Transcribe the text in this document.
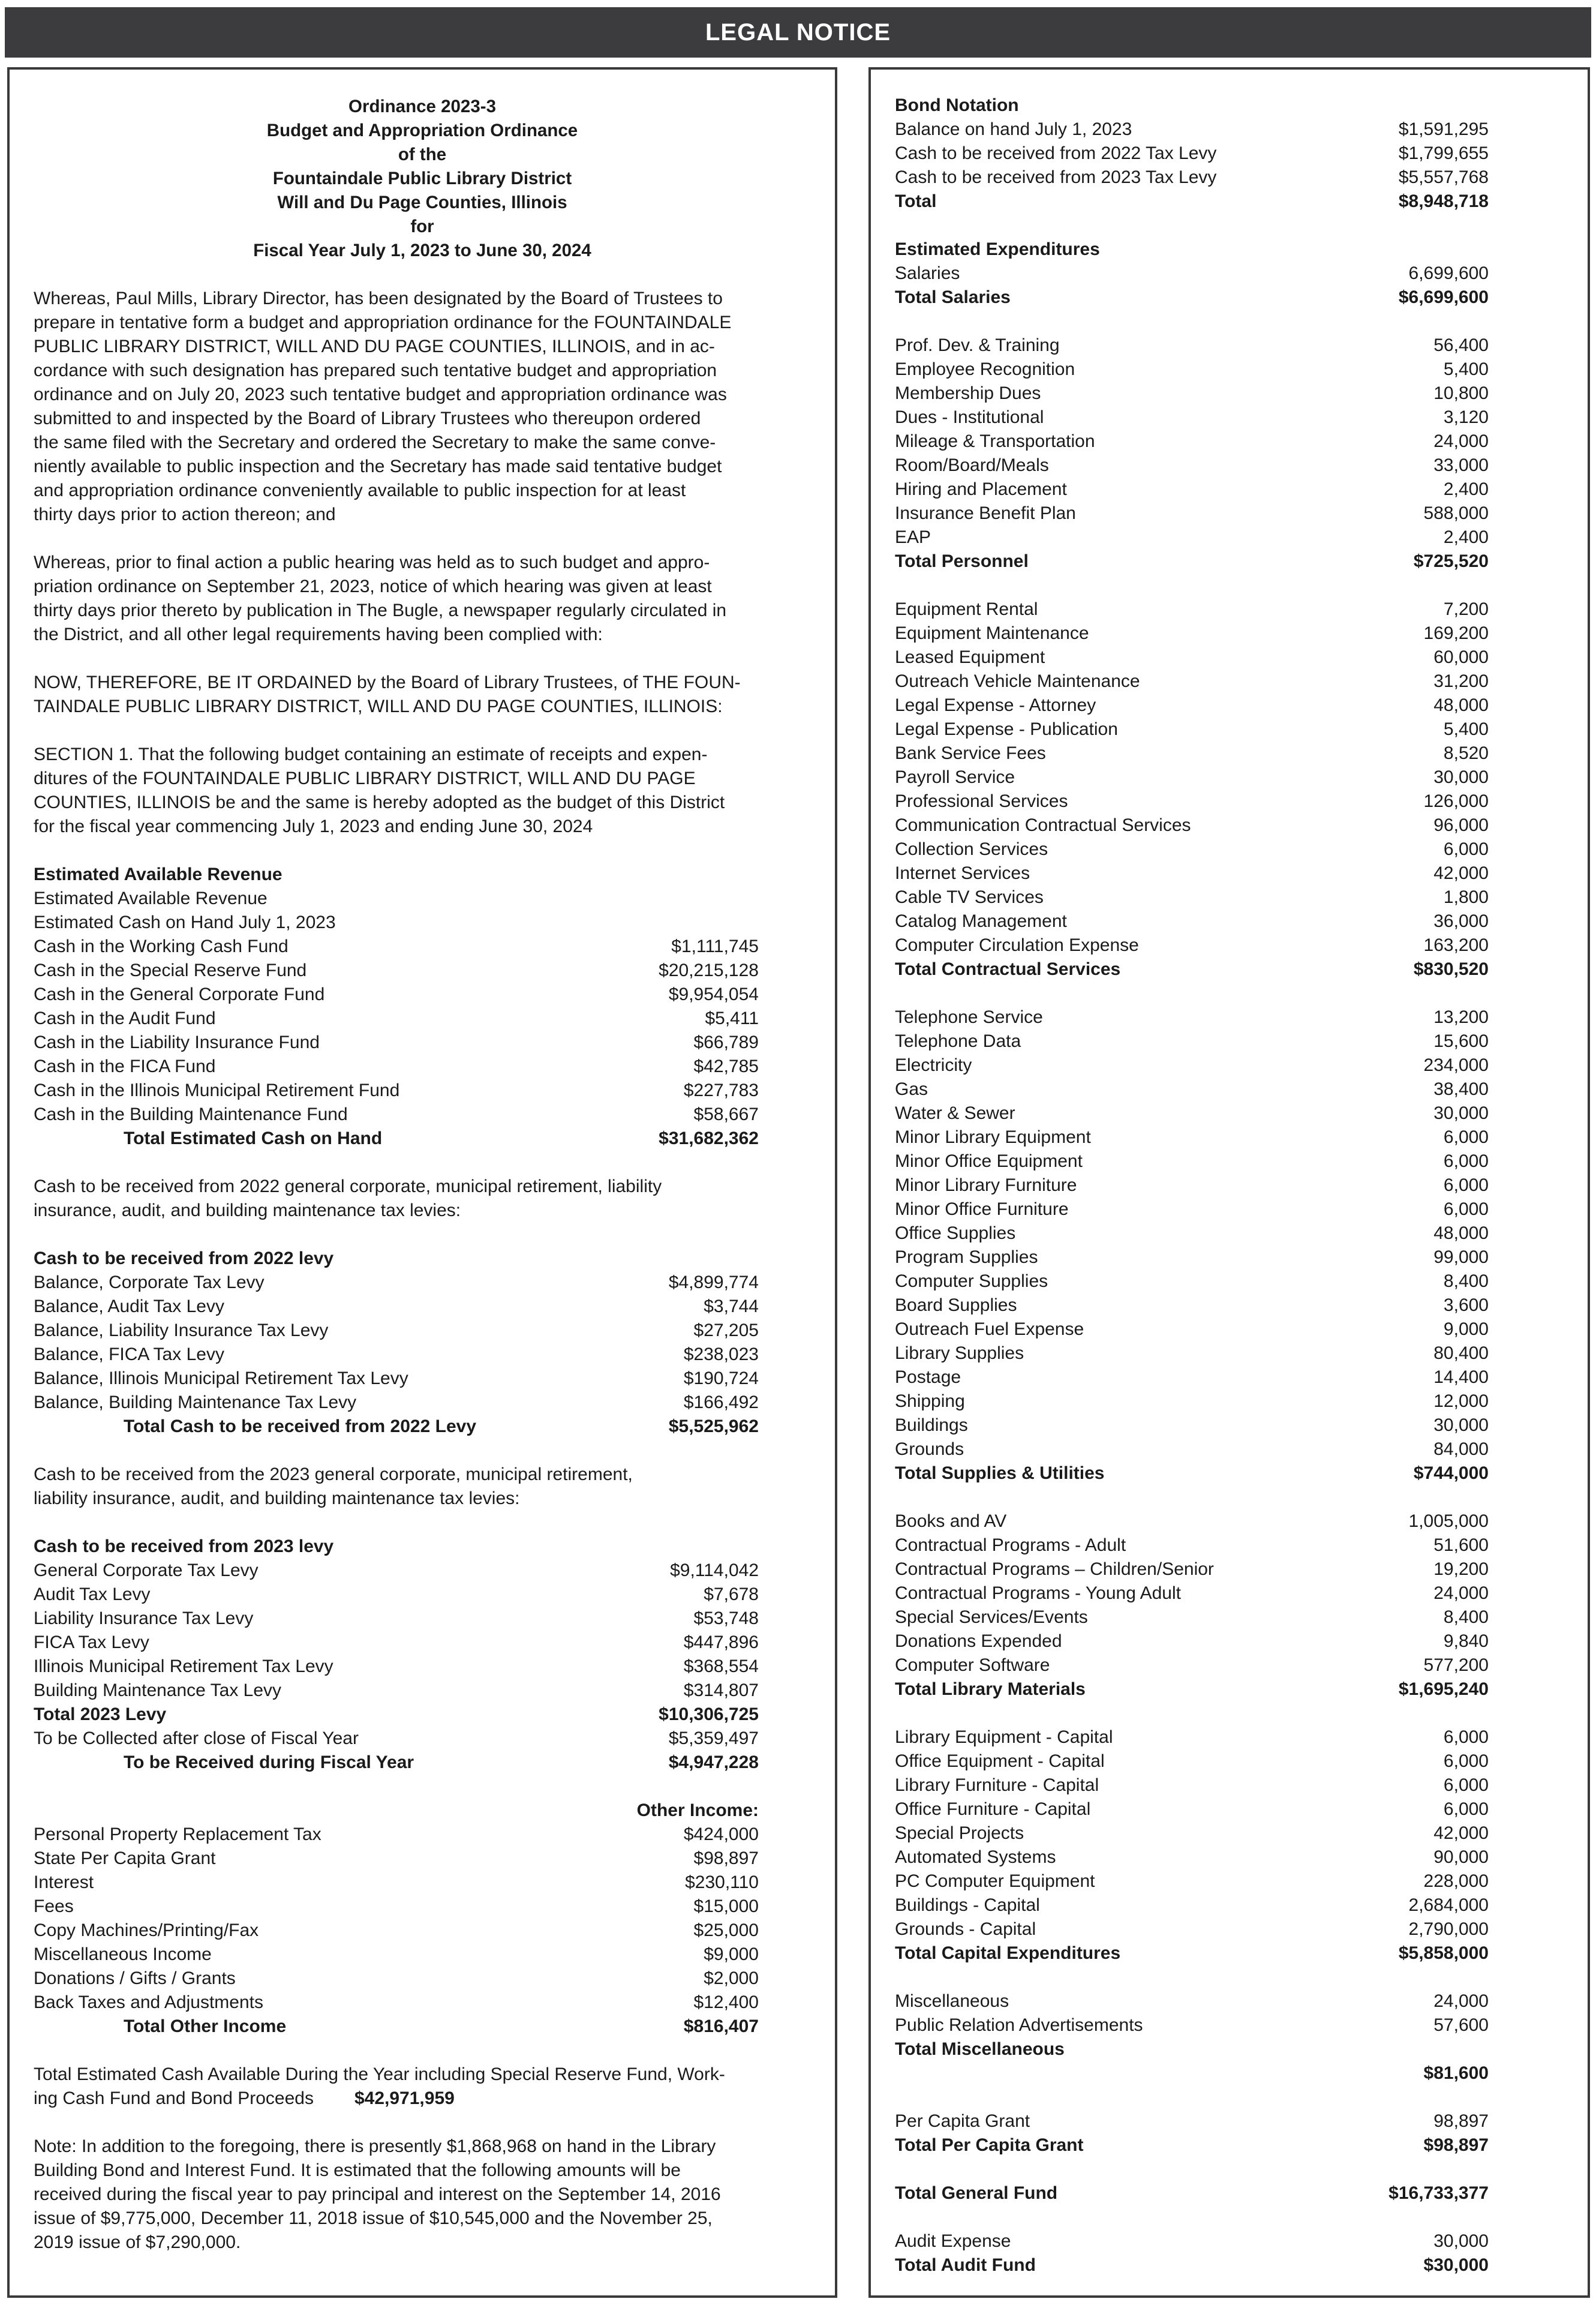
LEGAL NOTICE
Ordinance 2023-3
Budget and Appropriation Ordinance
of the
Fountaindale Public Library District
Will and Du Page Counties, Illinois
for
Fiscal Year July 1, 2023 to June 30, 2024
Whereas, Paul Mills, Library Director, has been designated by the Board of Trustees to
prepare in tentative form a budget and appropriation ordinance for the FOUNTAINDALE
PUBLIC LIBRARY DISTRICT, WILL AND DU PAGE COUNTIES, ILLINOIS, and in ac-
cordance with such designation has prepared such tentative budget and appropriation
ordinance and on July 20, 2023 such tentative budget and appropriation ordinance was
submitted to and inspected by the Board of Library Trustees who thereupon ordered
the same filed with the Secretary and ordered the Secretary to make the same conve-
niently available to public inspection and the Secretary has made said tentative budget
and appropriation ordinance conveniently available to public inspection for at least
thirty days prior to action thereon; and
Whereas, prior to final action a public hearing was held as to such budget and appro-
priation ordinance on September 21, 2023, notice of which hearing was given at least
thirty days prior thereto by publication in The Bugle, a newspaper regularly circulated in
the District, and all other legal requirements having been complied with:
NOW, THEREFORE, BE IT ORDAINED by the Board of Library Trustees, of THE FOUN-
TAINDALE PUBLIC LIBRARY DISTRICT, WILL AND DU PAGE COUNTIES, ILLINOIS:
SECTION 1. That the following budget containing an estimate of receipts and expen-
ditures of the FOUNTAINDALE PUBLIC LIBRARY DISTRICT, WILL AND DU PAGE
COUNTIES, ILLINOIS be and the same is hereby adopted as the budget of this District
for the fiscal year commencing July 1, 2023 and ending June 30, 2024
Estimated Available Revenue
Estimated Available Revenue
Estimated Cash on Hand July 1, 2023
Cash in the Working Cash Fund	$1,111,745
Cash in the Special Reserve Fund	$20,215,128
Cash in the General Corporate Fund	$9,954,054
Cash in the Audit Fund	$5,411
Cash in the Liability Insurance Fund	$66,789
Cash in the FICA Fund	$42,785
Cash in the Illinois Municipal Retirement Fund	$227,783
Cash in the Building Maintenance Fund	$58,667
Total Estimated Cash on Hand	$31,682,362
Cash to be received from 2022 general corporate, municipal retirement, liability
insurance, audit, and building maintenance tax levies:
Cash to be received from 2022 levy
Balance, Corporate Tax Levy	$4,899,774
Balance, Audit Tax Levy	$3,744
Balance, Liability Insurance Tax Levy	$27,205
Balance, FICA Tax Levy	$238,023
Balance, Illinois Municipal Retirement Tax Levy	$190,724
Balance, Building Maintenance Tax Levy	$166,492
Total Cash to be received from 2022 Levy	$5,525,962
Cash to be received from the 2023 general corporate, municipal retirement,
liability insurance, audit, and building maintenance tax levies:
Cash to be received from 2023 levy
General Corporate Tax Levy	$9,114,042
Audit Tax Levy	$7,678
Liability Insurance Tax Levy	$53,748
FICA Tax Levy	$447,896
Illinois Municipal Retirement Tax Levy	$368,554
Building Maintenance Tax Levy	$314,807
Total 2023 Levy	$10,306,725
To be Collected after close of Fiscal Year	$5,359,497
To be Received during Fiscal Year	$4,947,228
Other Income:
Personal Property Replacement Tax	$424,000
State Per Capita Grant	$98,897
Interest	$230,110
Fees	$15,000
Copy Machines/Printing/Fax	$25,000
Miscellaneous Income	$9,000
Donations / Gifts / Grants	$2,000
Back Taxes and Adjustments	$12,400
Total Other Income	$816,407
Total Estimated Cash Available During the Year including Special Reserve Fund, Work-
ing Cash Fund and Bond Proceeds $42,971,959
Note: In addition to the foregoing, there is presently $1,868,968 on hand in the Library
Building Bond and Interest Fund. It is estimated that the following amounts will be
received during the fiscal year to pay principal and interest on the September 14, 2016
issue of $9,775,000, December 11, 2018 issue of $10,545,000 and the November 25,
2019 issue of $7,290,000.
Bond Notation
Balance on hand July 1, 2023	$1,591,295
Cash to be received from 2022 Tax Levy	$1,799,655
Cash to be received from 2023 Tax Levy	$5,557,768
Total	$8,948,718
Estimated Expenditures
Salaries	6,699,600
Total Salaries	$6,699,600
Prof. Dev. & Training	56,400
Employee Recognition	5,400
Membership Dues	10,800
Dues - Institutional	3,120
Mileage & Transportation	24,000
Room/Board/Meals	33,000
Hiring and Placement	2,400
Insurance Benefit Plan	588,000
EAP	2,400
Total Personnel	$725,520
Equipment Rental	7,200
Equipment Maintenance	169,200
Leased Equipment	60,000
Outreach Vehicle Maintenance	31,200
Legal Expense - Attorney	48,000
Legal Expense - Publication	5,400
Bank Service Fees	8,520
Payroll Service	30,000
Professional Services	126,000
Communication Contractual Services	96,000
Collection Services	6,000
Internet Services	42,000
Cable TV Services	1,800
Catalog Management	36,000
Computer Circulation Expense	163,200
Total Contractual Services	$830,520
Telephone Service	13,200
Telephone Data	15,600
Electricity	234,000
Gas	38,400
Water & Sewer	30,000
Minor Library Equipment	6,000
Minor Office Equipment	6,000
Minor Library Furniture	6,000
Minor Office Furniture	6,000
Office Supplies	48,000
Program Supplies	99,000
Computer Supplies	8,400
Board Supplies	3,600
Outreach Fuel Expense	9,000
Library Supplies	80,400
Postage	14,400
Shipping	12,000
Buildings	30,000
Grounds	84,000
Total Supplies & Utilities	$744,000
Books and AV	1,005,000
Contractual Programs - Adult	51,600
Contractual Programs – Children/Senior	19,200
Contractual Programs - Young Adult	24,000
Special Services/Events	8,400
Donations Expended	9,840
Computer Software	577,200
Total Library Materials	$1,695,240
Library Equipment - Capital	6,000
Office Equipment - Capital	6,000
Library Furniture - Capital	6,000
Office Furniture - Capital	6,000
Special Projects	42,000
Automated Systems	90,000
PC Computer Equipment	228,000
Buildings - Capital	2,684,000
Grounds - Capital	2,790,000
Total Capital Expenditures	$5,858,000
Miscellaneous	24,000
Public Relation Advertisements	57,600
Total Miscellaneous
$81,600
Per Capita Grant	98,897
Total Per Capita Grant	$98,897
Total General Fund	$16,733,377
Audit Expense	30,000
Total Audit Fund	$30,000
